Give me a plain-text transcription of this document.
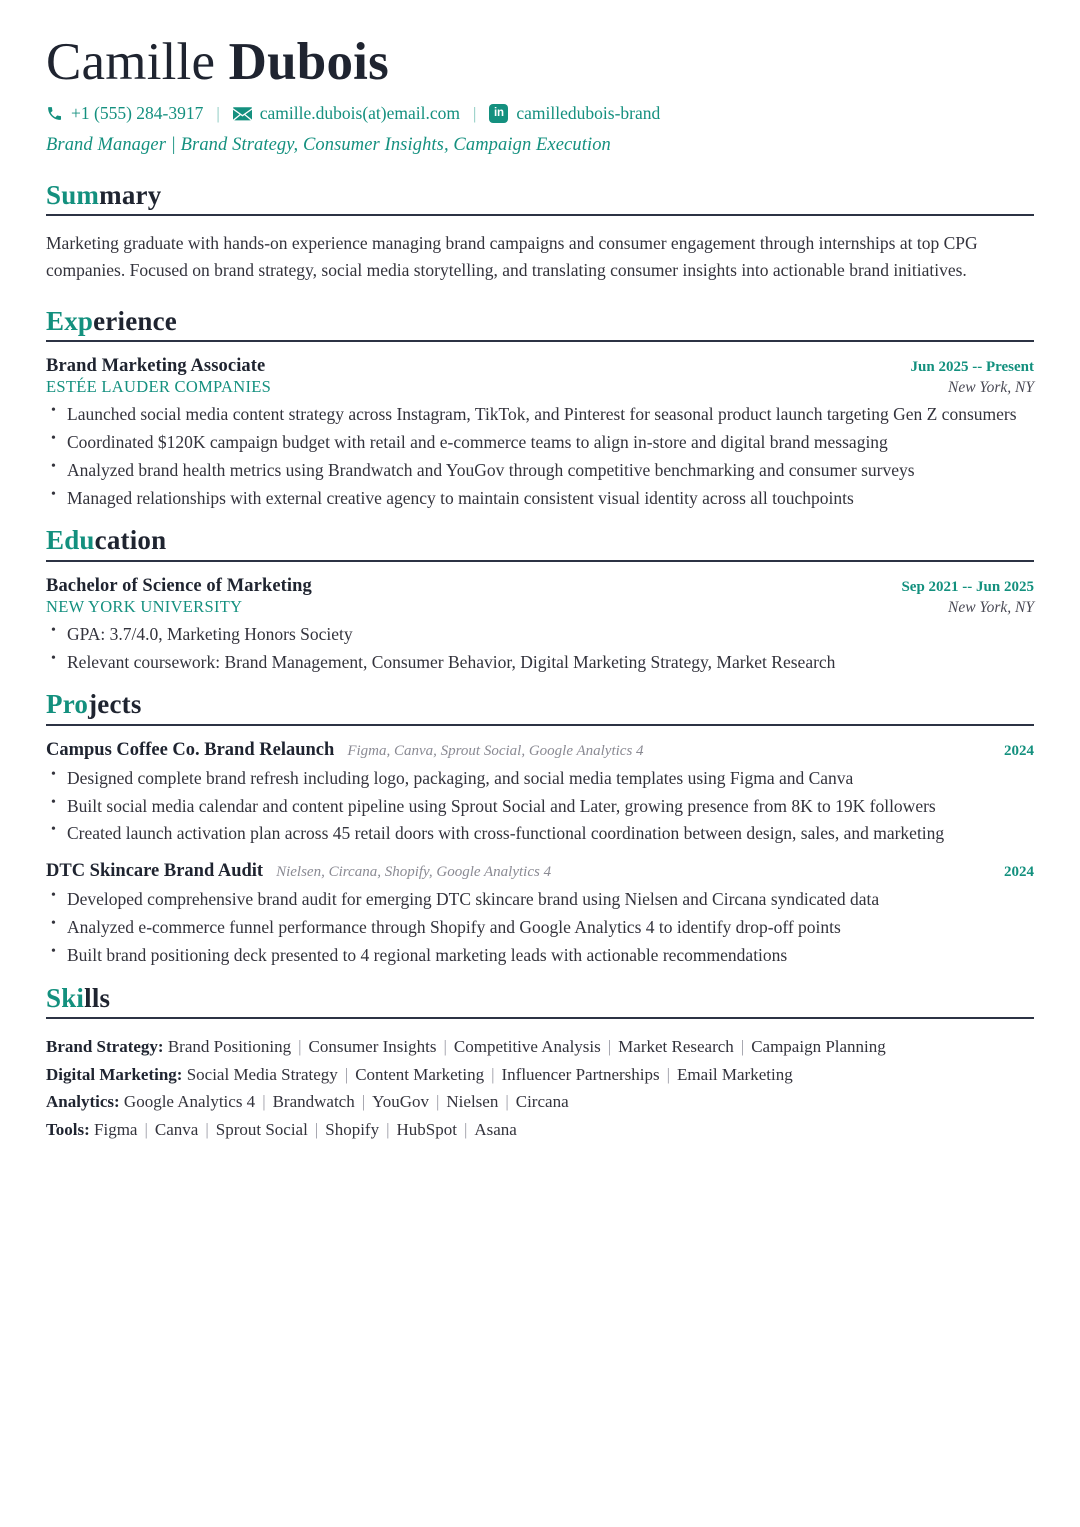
Camille Dubois
+1 (555) 284-3917 | camille.dubois(at)email.com |	in camilledubois-brand
Brand Manager | Brand Strategy, Consumer Insights, Campaign Execution
Summary

Marketing graduate with hands-on experience managing brand campaigns and consumer engagement through internships at top CPG companies. Focused on brand strategy, social media storytelling, and translating consumer insights into actionable brand initiatives.

Experience
Brand Marketing Associate	Jun 2025 -- Present
ESTÉE LAUDER COMPANIES	New York, NY
• Launched social media content strategy across Instagram, TikTok, and Pinterest for seasonal product launch targeting Gen Z consumers
• Coordinated $120K campaign budget with retail and e-commerce teams to align in-store and digital brand messaging
• Analyzed brand health metrics using Brandwatch and YouGov through competitive benchmarking and consumer surveys
• Managed relationships with external creative agency to maintain consistent visual identity across all touchpoints
Education
Bachelor of Science of Marketing	Sep 2021 -- Jun 2025
NEW YORK UNIVERSITY	New York, NY
• GPA: 3.7/4.0, Marketing Honors Society
• Relevant coursework: Brand Management, Consumer Behavior, Digital Marketing Strategy, Market Research
Projects
Campus Coffee Co. Brand Relaunch Figma, Canva, Sprout Social, Google Analytics 4	2024
• Designed complete brand refresh including logo, packaging, and social media templates using Figma and Canva
• Built social media calendar and content pipeline using Sprout Social and Later, growing presence from 8K to 19K followers
• Created launch activation plan across 45 retail doors with cross-functional coordination between design, sales, and marketing
DTC Skincare Brand Audit Nielsen, Circana, Shopify, Google Analytics 4	2024
• Developed comprehensive brand audit for emerging DTC skincare brand using Nielsen and Circana syndicated data
• Analyzed e-commerce funnel performance through Shopify and Google Analytics 4 to identify drop-off points
• Built brand positioning deck presented to 4 regional marketing leads with actionable recommendations
Skills
Brand Strategy: Brand Positioning | Consumer Insights | Competitive Analysis | Market Research | Campaign Planning
Digital Marketing: Social Media Strategy | Content Marketing | Influencer Partnerships | Email Marketing
Analytics: Google Analytics 4 | Brandwatch | YouGov | Nielsen | Circana
Tools: Figma | Canva | Sprout Social | Shopify | HubSpot | Asana
